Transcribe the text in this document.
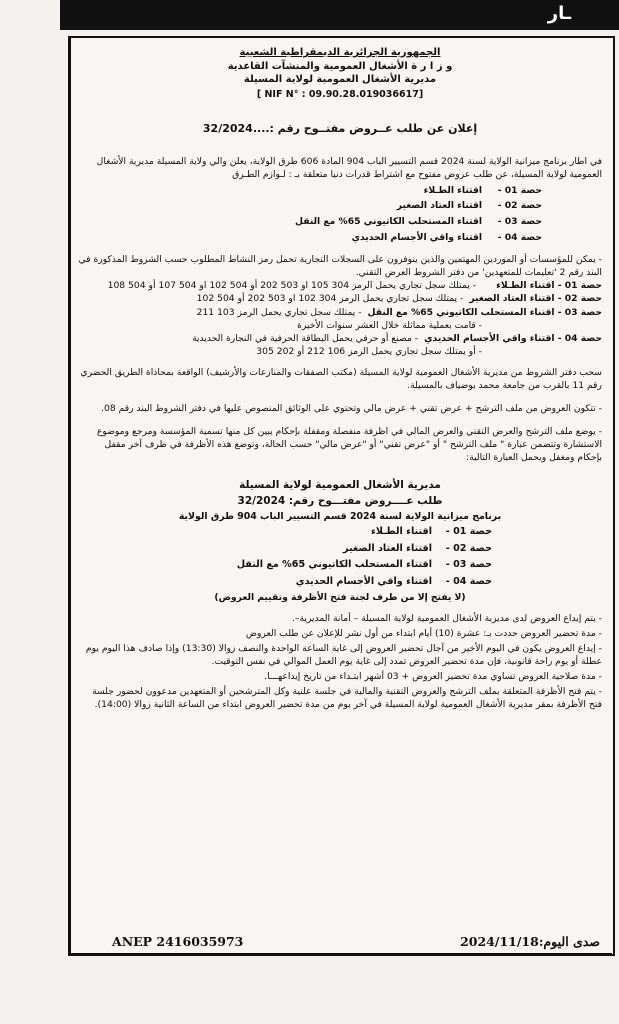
ـار
الجمهورية الجزائرية الديمقراطية الشعبية
و ز ا ر ة الأشغال العمومية والمنشآت القاعدية
مديرية الأشغال العمومية لولاية المسيلة
[ NIF N° : 09.90.28.019036617]
إعلان عن طلب عــروض مفتــوح رقم :....32/2024

في اطار برنامج ميزانية الولاية لسنة 2024 قسم التسيير الباب 904 المادة 606 طرق الولاية، يعلن والي ولاية المسيلة مديرية الأشغال العمومية لولاية المسيلة، عن طلب عروض مفتوح مع اشتراط قدرات دنيا متعلقة بـ : لـوازم الطـرق

حصة 01 -
اقتناء الطـلاء
حصة 02 -
اقتناء العتاد الصغير
حصة 03 -
اقتناء المستحلب الكاتيوني 65% مع النقل
حصة 04 -
اقتناء واقي الأجسام الحديدي

- يمكن للمؤسسات أو الموردين المهتمين والذين يتوفرون على السجلات التجارية تحمل رمز النشاط المطلوب حسب الشروط المذكورة في البند رقم 2 'تعليمات للمتعهدين' من دفتر الشروط العرض التقني.

حصة 01 - اقتناء الطـلاء
- يمتلك سجل تجاري يحمل الرمز 304 105 او 503 202 أو 504 102 او 504 107 أو 504 108
حصة 02 - اقتناء العتاد الصغير
- يمتلك سجل تجاري يحمل الرمز 304 102 او 503 202 أو 504 102
حصة 03 - اقتناء المستحلب الكاتيوني 65% مع النقل
- يمتلك سجل تجاري يحمل الرمز 103 211
- قامت بعملية مماثلة خلال العشر سنوات الأخيرة
حصة 04 - اقتناء واقي الأجسام الحديدي
- مصنع أو حرفي يحمل البطاقة الحرفية في النجارة الحديدية
- أو يمتلك سجل تجاري يحمل الرمز 106 212 أو 202 305

سحب دفتر الشروط من مديرية الأشغال العمومية لولاية المسيلة (مكتب الصفقات والمنازعات والأرشيف) الواقعة بمحاذاة الطريق الحضري رقم 11 بالقرب من جامعة محمد بوضياف بالمسيلة.

- تتكون العروض من ملف الترشح + عرض تقني + عرض مالي وتحتوي على الوثائق المنصوص عليها في دفتر الشروط البند رقم 08.

- يوضع ملف الترشح والعرض التقني والعرض المالي في اظرفة منفصلة ومقفلة بإحكام يبين كل منها تسمية المؤسسة ومرجع وموضوع الاستشارة وتتضمن عبارة " ملف الترشح " أو "عرض تقني" أو "عرض مالي" حسب الحالة، وتوضع هذه الأظرفة في ظرف آخر مقفل بإحكام ومغفل ويحمل العبارة التالية:

مديرية الأشغال العمومية لولاية المسيلة
طلب عــــروض مفتـــوح رقم: 32/2024
برنامج ميزانية الولاية لسنة 2024 قسم التسيير الباب 904 طرق الولاية
حصة 01 -
اقتناء الطـلاء
حصة 02 -
اقتناء العتاد الصغير
حصة 03 -
اقتناء المستحلب الكاتيوني 65% مع النقل
حصة 04 -
اقتناء واقي الأجسام الحديدي
(لا يفتح إلا من طرف لجنة فتح الأظرفة وتقييم العروض)

- يتم إيداع العروض لدى مديرية الأشغال العمومية لولاية المسيلة – أمانة المديرية–.

- مدة تحضير العروض حددت بـ: عشرة (10) أيام ابتداء من أول نشر للإعلان عن طلب العروض

- إيداع العروض يكون في اليوم الأخير من آجال تحضير العروض إلى غاية الساعة الواحدة والنصف زوالا (13:30) وإذا صادف هذا اليوم يوم عطلة أو يوم راحة قانونية، فإن مدة تحضير العروض تمدد إلى غاية يوم العمل الموالي في نفس التوقيت.

- مدة صلاحية العروض تساوي مدة تحضير العروض + 03 أشهر ابتـداء من تاريخ إيداعهـــا.

- يتم فتح الأظرفة المتعلقة بملف الترشح والعروض التقنية والمالية في جلسة علنية وكل المترشحين أو المتعهدين مدعوون لحضور جلسة فتح الأظرفة بمقر مديرية الأشغال العمومية لولاية المسيلة في آخر يوم من مدة تحضير العروض ابتداء من الساعة الثانية زوالا (14:00).

ANEP 2416035973	صدى اليوم:2024/11/18
